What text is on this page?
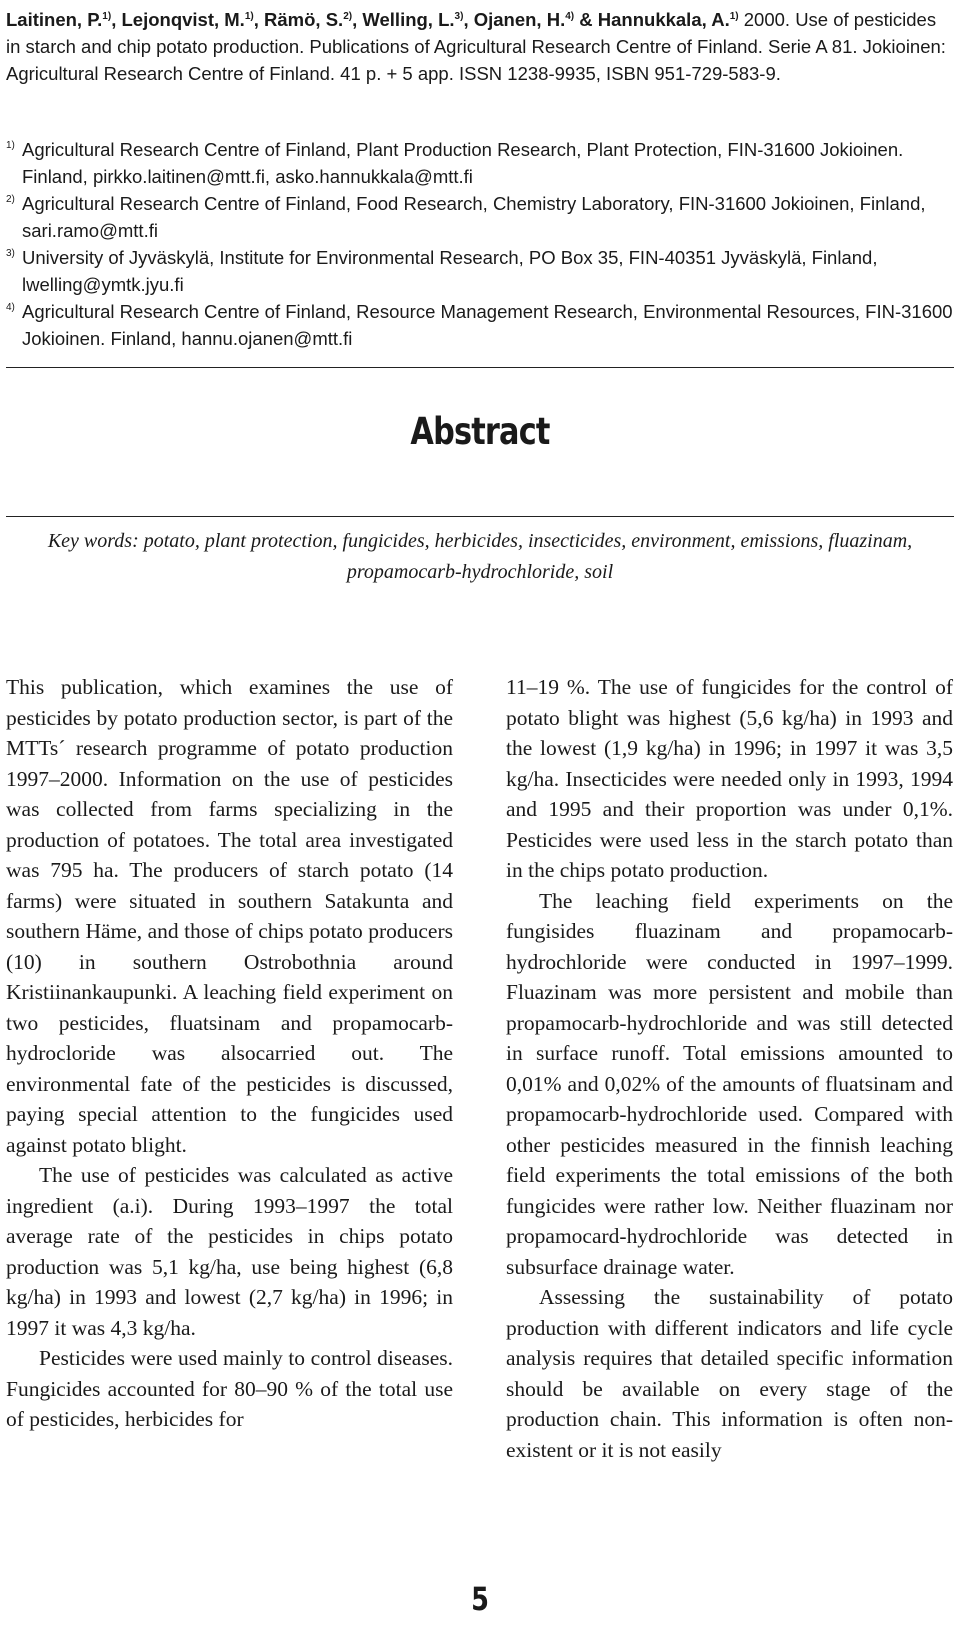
Laitinen, P.$^{1)}$, Lejonqvist, M.$^{1)}$, Rämö, S.$^{2)}$, Welling, L.$^{3)}$, Ojanen, H.$^{4)}$ & Hannukkala, A.$^{1)}$ 2000. Use of pesticides in starch and chip potato production. Publications of Agricultural Research Centre of Finland. Serie A 81. Jokioinen: Agricultural Research Centre of Finland. 41 p. + 5 app. ISSN 1238-9935, ISBN 951-729-583-9.
1) Agricultural Research Centre of Finland, Plant Production Research, Plant Protection, FIN-31600 Jokioinen. Finland, pirkko.laitinen@mtt.fi, asko.hannukkala@mtt.fi
2) Agricultural Research Centre of Finland, Food Research, Chemistry Laboratory, FIN-31600 Jokioinen, Finland, sari.ramo@mtt.fi
3) University of Jyväskylä, Institute for Environmental Research, PO Box 35, FIN-40351 Jyväskylä, Finland, lwelling@ymtk.jyu.fi
4) Agricultural Research Centre of Finland, Resource Management Research, Environmental Resources, FIN-31600 Jokioinen. Finland, hannu.ojanen@mtt.fi
Abstract
Key words: potato, plant protection, fungicides, herbicides, insecticides, environment, emissions, fluazinam, propamocarb-hydrochloride, soil

This publication, which examines the use of pesticides by potato production sector, is part of the MTTs´ research programme of potato production 1997–2000. Information on the use of pesticides was collected from farms specializing in the production of potatoes. The total area investigated was 795 ha. The producers of starch potato (14 farms) were situated in southern Satakunta and southern Häme, and those of chips potato producers (10) in southern Ostrobothnia around Kristiinankaupunki. A leaching field experiment on two pesticides, fluatsinam and propamocarb-hydrocloride was alsocarried out. The environmental fate of the pesticides is discussed, paying special attention to the fungicides used against potato blight.

The use of pesticides was calculated as active ingredient (a.i). During 1993–1997 the total average rate of the pesticides in chips potato production was 5,1 kg/ha, use being highest (6,8 kg/ha) in 1993 and lowest (2,7 kg/ha) in 1996; in 1997 it was 4,3 kg/ha.

Pesticides were used mainly to control diseases. Fungicides accounted for 80–90 % of the total use of pesticides, herbicides for

11–19 %. The use of fungicides for the control of potato blight was highest (5,6 kg/ha) in 1993 and the lowest (1,9 kg/ha) in 1996; in 1997 it was 3,5 kg/ha. Insecticides were needed only in 1993, 1994 and 1995 and their proportion was under 0,1%. Pesticides were used less in the starch potato than in the chips potato production.

The leaching field experiments on the fungisides fluazinam and propamocarb-hydrochloride were conducted in 1997–1999. Fluazinam was more persistent and mobile than propamocarb-hydrochloride and was still detected in surface runoff. Total emissions amounted to 0,01% and 0,02% of the amounts of fluatsinam and propamocarb-hydrochloride used. Compared with other pesticides measured in the finnish leaching field experiments the total emissions of the both fungicides were rather low. Neither fluazinam nor propamocard-hydrochloride was detected in subsurface drainage water.

Assessing the sustainability of potato production with different indicators and life cycle analysis requires that detailed specific information should be available on every stage of the production chain. This information is often non-existent or it is not easily

5
